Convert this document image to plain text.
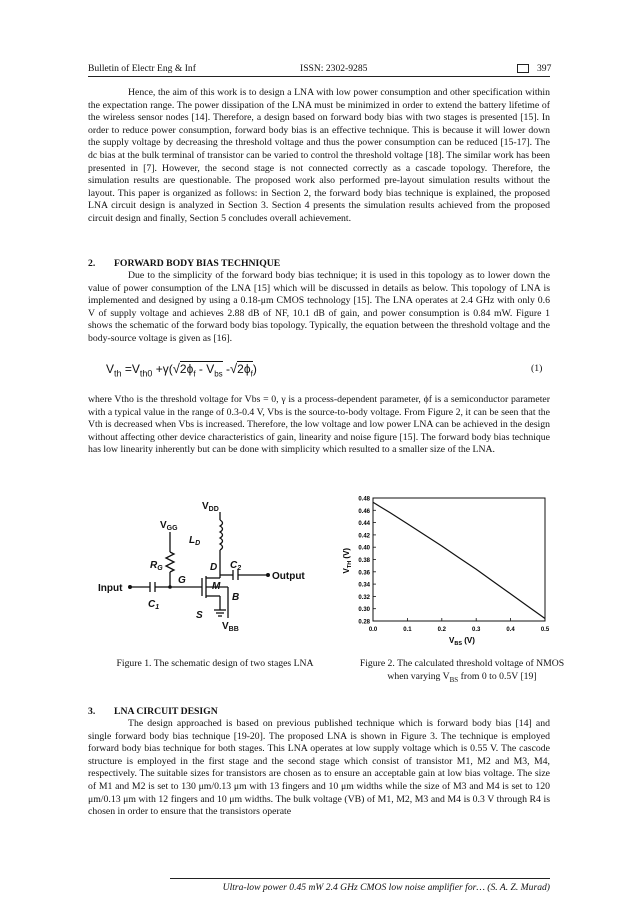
Bulletin of Electr Eng & Inf	ISSN: 2302-9285	397

Hence, the aim of this work is to design a LNA with low power consumption and other specification within the expectation range. The power dissipation of the LNA must be minimized in order to extend the battery lifetime of the wireless sensor nodes [14]. Therefore, a design based on forward body bias with two stages is presented [15]. In order to reduce power consumption, forward body bias is an effective technique. This is because it will lower down the supply voltage by decreasing the threshold voltage and thus the power consumption can be reduced [15-17]. The dc bias at the bulk terminal of transistor can be varied to control the threshold voltage [18]. The similar work has been presented in [7]. However, the second stage is not connected correctly as a cascade topology. Therefore, the simulation results are questionable. The proposed work also performed pre-layout simulation results without the layout. This paper is organized as follows: in Section 2, the forward body bias technique is explained, the proposed LNA circuit design is analyzed in Section 3. Section 4 presents the simulation results achieved from the proposed circuit design and finally, Section 5 concludes overall achievement.

2. FORWARD BODY BIAS TECHNIQUE

Due to the simplicity of the forward body bias technique; it is used in this topology as to lower down the value of power consumption of the LNA [15] which will be discussed in details as below. This topology of LNA is implemented and designed by using a 0.18-μm CMOS technology [15]. The LNA operates at 2.4 GHz with only 0.6 V of supply voltage and achieves 2.88 dB of NF, 10.1 dB of gain, and power consumption is 0.84 mW. Figure 1 shows the schematic of the forward body bias topology. Typically, the equation between the threshold voltage and the body-source voltage is given as [16].

$V_{th} =V_{th0} +\gamma(√2\phi_f - V_{bs}$ $-√2\phi_f$)	(1)

where Vtho is the threshold voltage for Vbs = 0, γ is a process-dependent parameter, ϕf is a semiconductor parameter with a typical value in the range of 0.3-0.4 V, Vbs is the source-to-body voltage. From Figure 2, it can be seen that the Vth is decreased when Vbs is increased. Therefore, the low voltage and low power LNA can be achieved in the design without affecting other device characteristics of gain, linearity and noise figure [15]. The forward body bias technique has low linearity inherently but can be done with simplicity which resulted to a smaller size of the LNA.

$V_{DD}$
$V_{GG}$
$L_D$
$R_G$	D $C_2$
G
M
Output
Input
B
$C_1$
S
$V_{BB}$
Figure 1. The schematic design of two stages LNA
0.28
0.30
0.32
0.34
0.36
0.38
0.40
0.42
0.44
0.46
0.48
0.0	0.1	0.2	0.3	0.4	0.5
$V_{BS}$ (V)
$V_{TH}$ (V)
Figure 2. The calculated threshold voltage of NMOS
when varying $V_{BS}$ from 0 to 0.5V [19]
3. LNA CIRCUIT DESIGN

The design approached is based on previous published technique which is forward body bias [14] and single forward body bias technique [19-20]. The proposed LNA is shown in Figure 3. The technique is employed forward body bias technique for both stages. This LNA operates at low supply voltage which is 0.55 V. The cascode structure is employed in the first stage and the second stage which consist of transistor M1, M2 and M3, M4, respectively. The suitable sizes for transistors are chosen as to ensure an acceptable gain at low bias voltage. The size of M1 and M2 is set to 130 μm/0.13 μm with 13 fingers and 10 μm widths while the size of M3 and M4 is set to 120 μm/0.13 μm with 12 fingers and 10 μm widths. The bulk voltage (VB) of M1, M2, M3 and M4 is 0.3 V through R4 is chosen in order to ensure that the transistors operate

Ultra-low power 0.45 mW 2.4 GHz CMOS low noise amplifier for… (S. A. Z. Murad)
